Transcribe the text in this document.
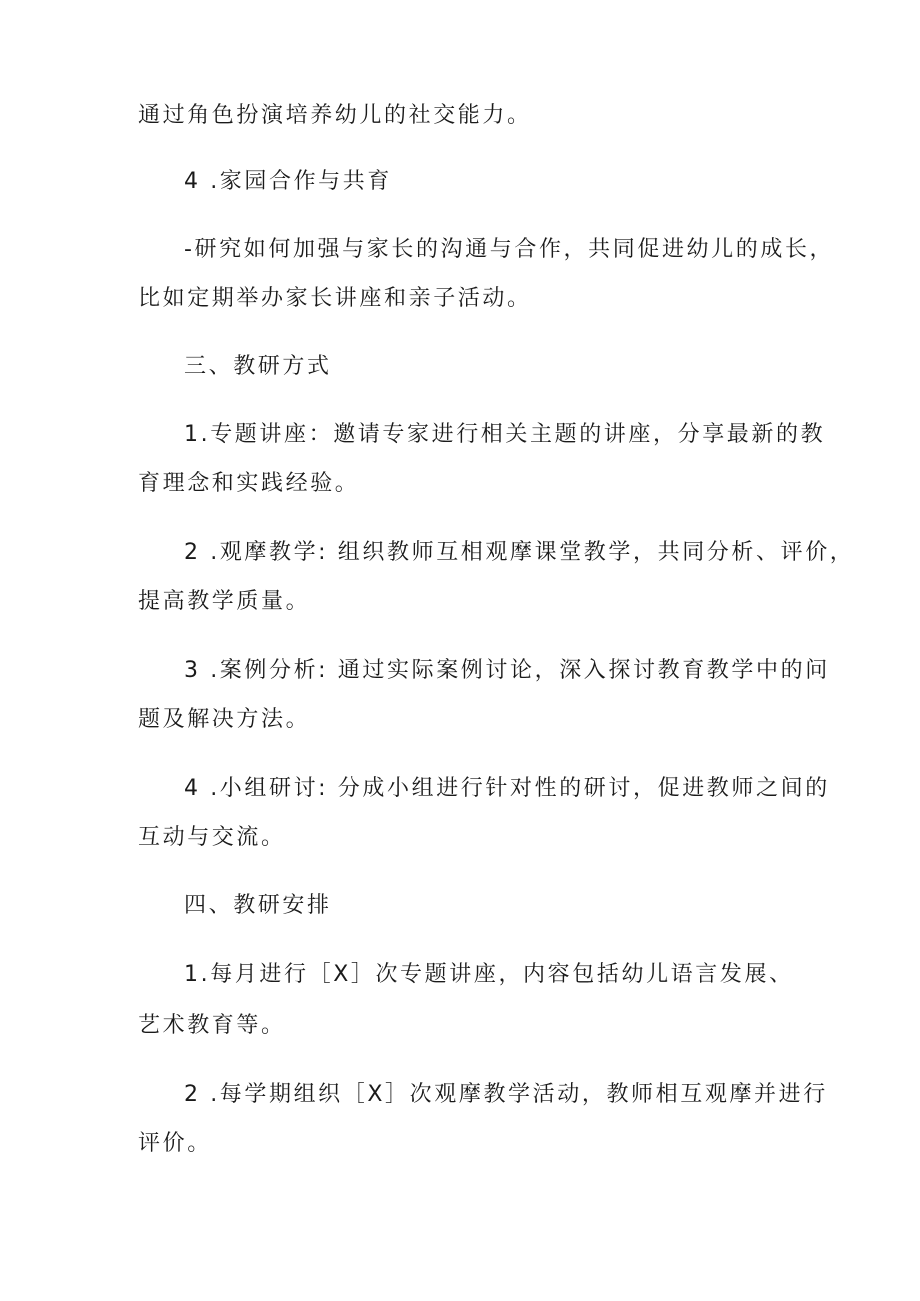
通过角色扮演培养幼儿的社交能力。
4 .家园合作与共育
-研究如何加强与家长的沟通与合作，共同促进幼儿的成长，
比如定期举办家长讲座和亲子活动。
三、教研方式
1.专题讲座：邀请专家进行相关主题的讲座，分享最新的教
育理念和实践经验。
2 .观摩教学: 组织教师互相观摩课堂教学，共同分析、评价，
提高教学质量。
3 .案例分析: 通过实际案例讨论，深入探讨教育教学中的问
题及解决方法。
4 .小组研讨: 分成小组进行针对性的研讨，促进教师之间的
互动与交流。
四、教研安排
1.每月进行［X］次专题讲座，内容包括幼儿语言发展、
艺术教育等。
2 .每学期组织［X］次观摩教学活动，教师相互观摩并进行
评价。
